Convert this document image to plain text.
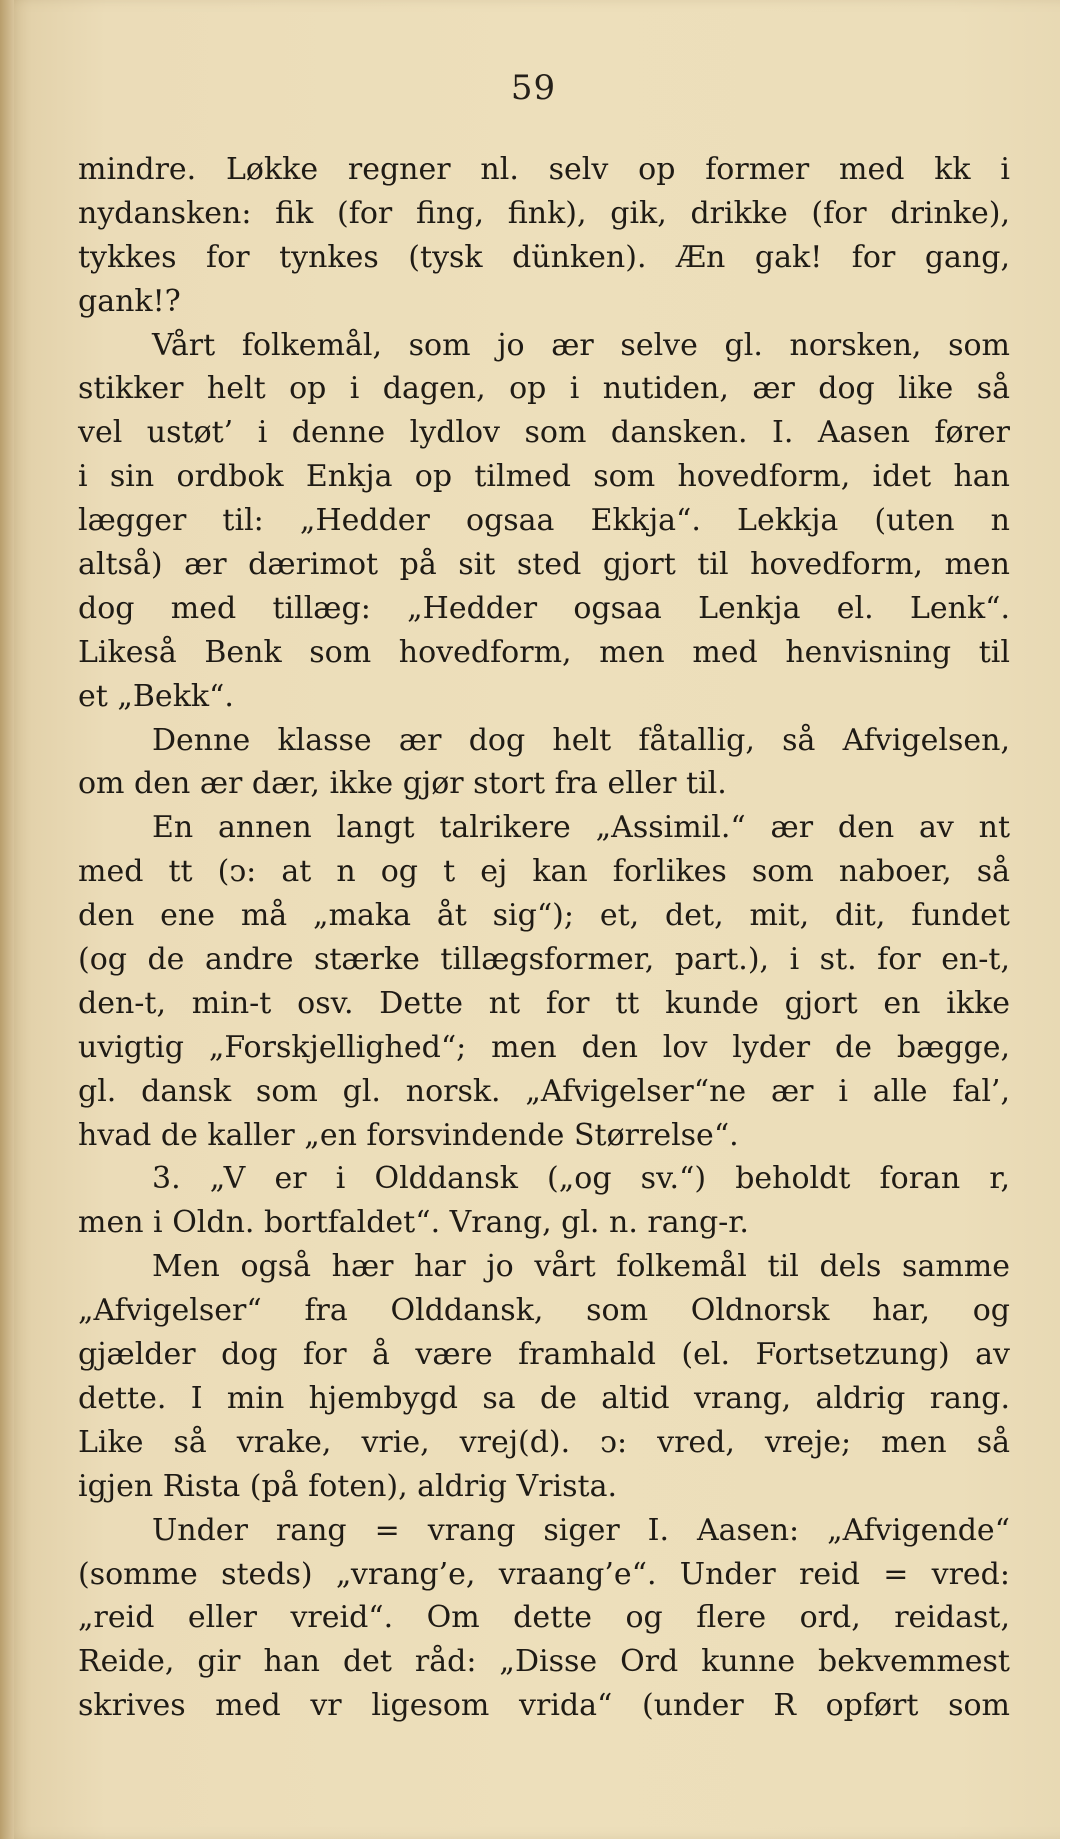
59
mindre. Løkke regner nl. selv op former med kk i
nydansken: fik (for fing, fink), gik, drikke (for drinke),
tykkes for tynkes (tysk dünken). Æn gak! for gang,
gank!?
Vårt folkemål, som jo ær selve gl. norsken, som
stikker helt op i dagen, op i nutiden, ær dog like så
vel ustøt’ i denne lydlov som dansken. I. Aasen fører
i sin ordbok Enkja op tilmed som hovedform, idet han
lægger til: „Hedder ogsaa Ekkja“. Lekkja (uten n
altså) ær dærimot på sit sted gjort til hovedform, men
dog med tillæg: „Hedder ogsaa Lenkja el. Lenk“.
Likeså Benk som hovedform, men med henvisning til
et „Bekk“.
Denne klasse ær dog helt fåtallig, så Afvigelsen,
om den ær dær, ikke gjør stort fra eller til.
En annen langt talrikere „Assimil.“ ær den av nt
med tt (ↄ: at n og t ej kan forlikes som naboer, så
den ene må „maka åt sig“); et, det, mit, dit, fundet
(og de andre stærke tillægsformer, part.), i st. for en-t,
den-t, min-t osv. Dette nt for tt kunde gjort en ikke
uvigtig „Forskjellighed“; men den lov lyder de bægge,
gl. dansk som gl. norsk. „Afvigelser“ne ær i alle fal’,
hvad de kaller „en forsvindende Størrelse“.
3. „V er i Olddansk („og sv.“) beholdt foran r,
men i Oldn. bortfaldet“. Vrang, gl. n. rang-r.
Men også hær har jo vårt folkemål til dels samme
„Afvigelser“ fra Olddansk, som Oldnorsk har, og
gjælder dog for å være framhald (el. Fortsetzung) av
dette. I min hjembygd sa de altid vrang, aldrig rang.
Like så vrake, vrie, vrej(d). ↄ: vred, vreje; men så
igjen Rista (på foten), aldrig Vrista.
Under rang = vrang siger I. Aasen: „Afvigende“
(somme steds) „vrang’e, vraang’e“. Under reid = vred:
„reid eller vreid“. Om dette og flere ord, reidast,
Reide, gir han det råd: „Disse Ord kunne bekvemmest
skrives med vr ligesom vrida“ (under R opført som
